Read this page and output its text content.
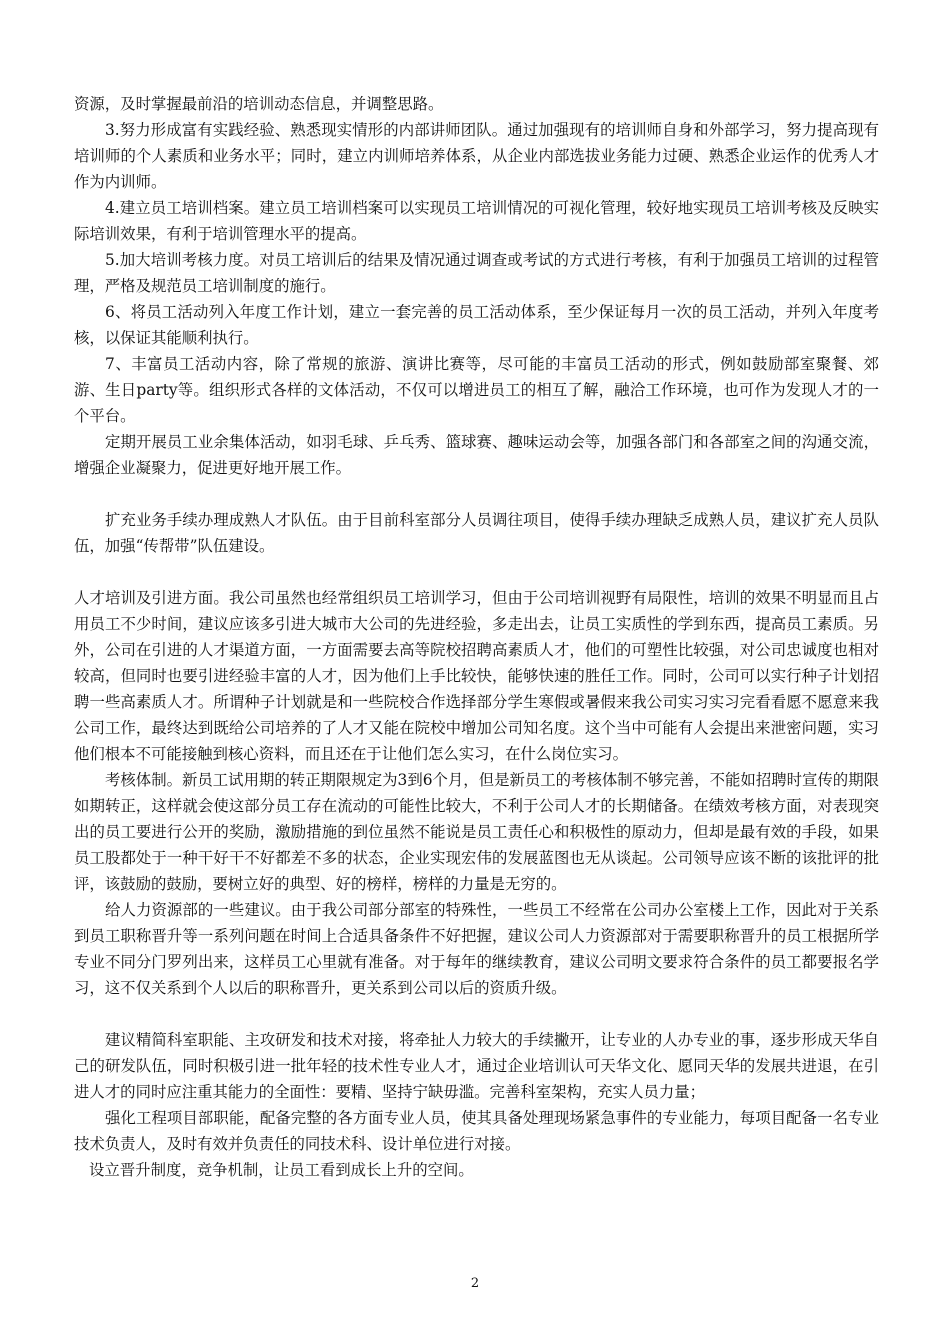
资源，及时掌握最前沿的培训动态信息，并调整思路。

3.努力形成富有实践经验、熟悉现实情形的内部讲师团队。通过加强现有的培训师自身和外部学习，努力提高现有培训师的个人素质和业务水平；同时，建立内训师培养体系，从企业内部选拔业务能力过硬、熟悉企业运作的优秀人才作为内训师。

4.建立员工培训档案。建立员工培训档案可以实现员工培训情况的可视化管理，较好地实现员工培训考核及反映实际培训效果，有利于培训管理水平的提高。

5.加大培训考核力度。对员工培训后的结果及情况通过调查或考试的方式进行考核，有利于加强员工培训的过程管理，严格及规范员工培训制度的施行。

6、将员工活动列入年度工作计划，建立一套完善的员工活动体系，至少保证每月一次的员工活动，并列入年度考核，以保证其能顺利执行。

7、丰富员工活动内容，除了常规的旅游、演讲比赛等，尽可能的丰富员工活动的形式，例如鼓励部室聚餐、郊游、生日party等。组织形式各样的文体活动，不仅可以增进员工的相互了解，融洽工作环境，也可作为发现人才的一个平台。

定期开展员工业余集体活动，如羽毛球、乒乓秀、篮球赛、趣味运动会等，加强各部门和各部室之间的沟通交流，增强企业凝聚力，促进更好地开展工作。

扩充业务手续办理成熟人才队伍。由于目前科室部分人员调往项目，使得手续办理缺乏成熟人员，建议扩充人员队伍，加强“传帮带”队伍建设。

人才培训及引进方面。我公司虽然也经常组织员工培训学习，但由于公司培训视野有局限性，培训的效果不明显而且占用员工不少时间，建议应该多引进大城市大公司的先进经验，多走出去，让员工实质性的学到东西，提高员工素质。另外，公司在引进的人才渠道方面，一方面需要去高等院校招聘高素质人才，他们的可塑性比较强，对公司忠诚度也相对较高，但同时也要引进经验丰富的人才，因为他们上手比较快，能够快速的胜任工作。同时，公司可以实行种子计划招聘一些高素质人才。所谓种子计划就是和一些院校合作选择部分学生寒假或暑假来我公司实习实习完看看愿不愿意来我公司工作，最终达到既给公司培养的了人才又能在院校中增加公司知名度。这个当中可能有人会提出来泄密问题，实习他们根本不可能接触到核心资料，而且还在于让他们怎么实习，在什么岗位实习。

考核体制。新员工试用期的转正期限规定为3到6个月，但是新员工的考核体制不够完善，不能如招聘时宣传的期限如期转正，这样就会使这部分员工存在流动的可能性比较大，不利于公司人才的长期储备。在绩效考核方面，对表现突出的员工要进行公开的奖励，激励措施的到位虽然不能说是员工责任心和积极性的原动力，但却是最有效的手段，如果员工股都处于一种干好干不好都差不多的状态，企业实现宏伟的发展蓝图也无从谈起。公司领导应该不断的该批评的批评，该鼓励的鼓励，要树立好的典型、好的榜样，榜样的力量是无穷的。

给人力资源部的一些建议。由于我公司部分部室的特殊性，一些员工不经常在公司办公室楼上工作，因此对于关系到员工职称晋升等一系列问题在时间上合适具备条件不好把握，建议公司人力资源部对于需要职称晋升的员工根据所学专业不同分门罗列出来，这样员工心里就有准备。对于每年的继续教育，建议公司明文要求符合条件的员工都要报名学习，这不仅关系到个人以后的职称晋升，更关系到公司以后的资质升级。

建议精简科室职能、主攻研发和技术对接，将牵扯人力较大的手续撇开，让专业的人办专业的事，逐步形成天华自己的研发队伍，同时积极引进一批年轻的技术性专业人才，通过企业培训认可天华文化、愿同天华的发展共进退，在引进人才的同时应注重其能力的全面性：要精、坚持宁缺毋滥。完善科室架构，充实人员力量；

强化工程项目部职能，配备完整的各方面专业人员，使其具备处理现场紧急事件的专业能力，每项目配备一名专业技术负责人，及时有效并负责任的同技术科、设计单位进行对接。

设立晋升制度，竞争机制，让员工看到成长上升的空间。

2
